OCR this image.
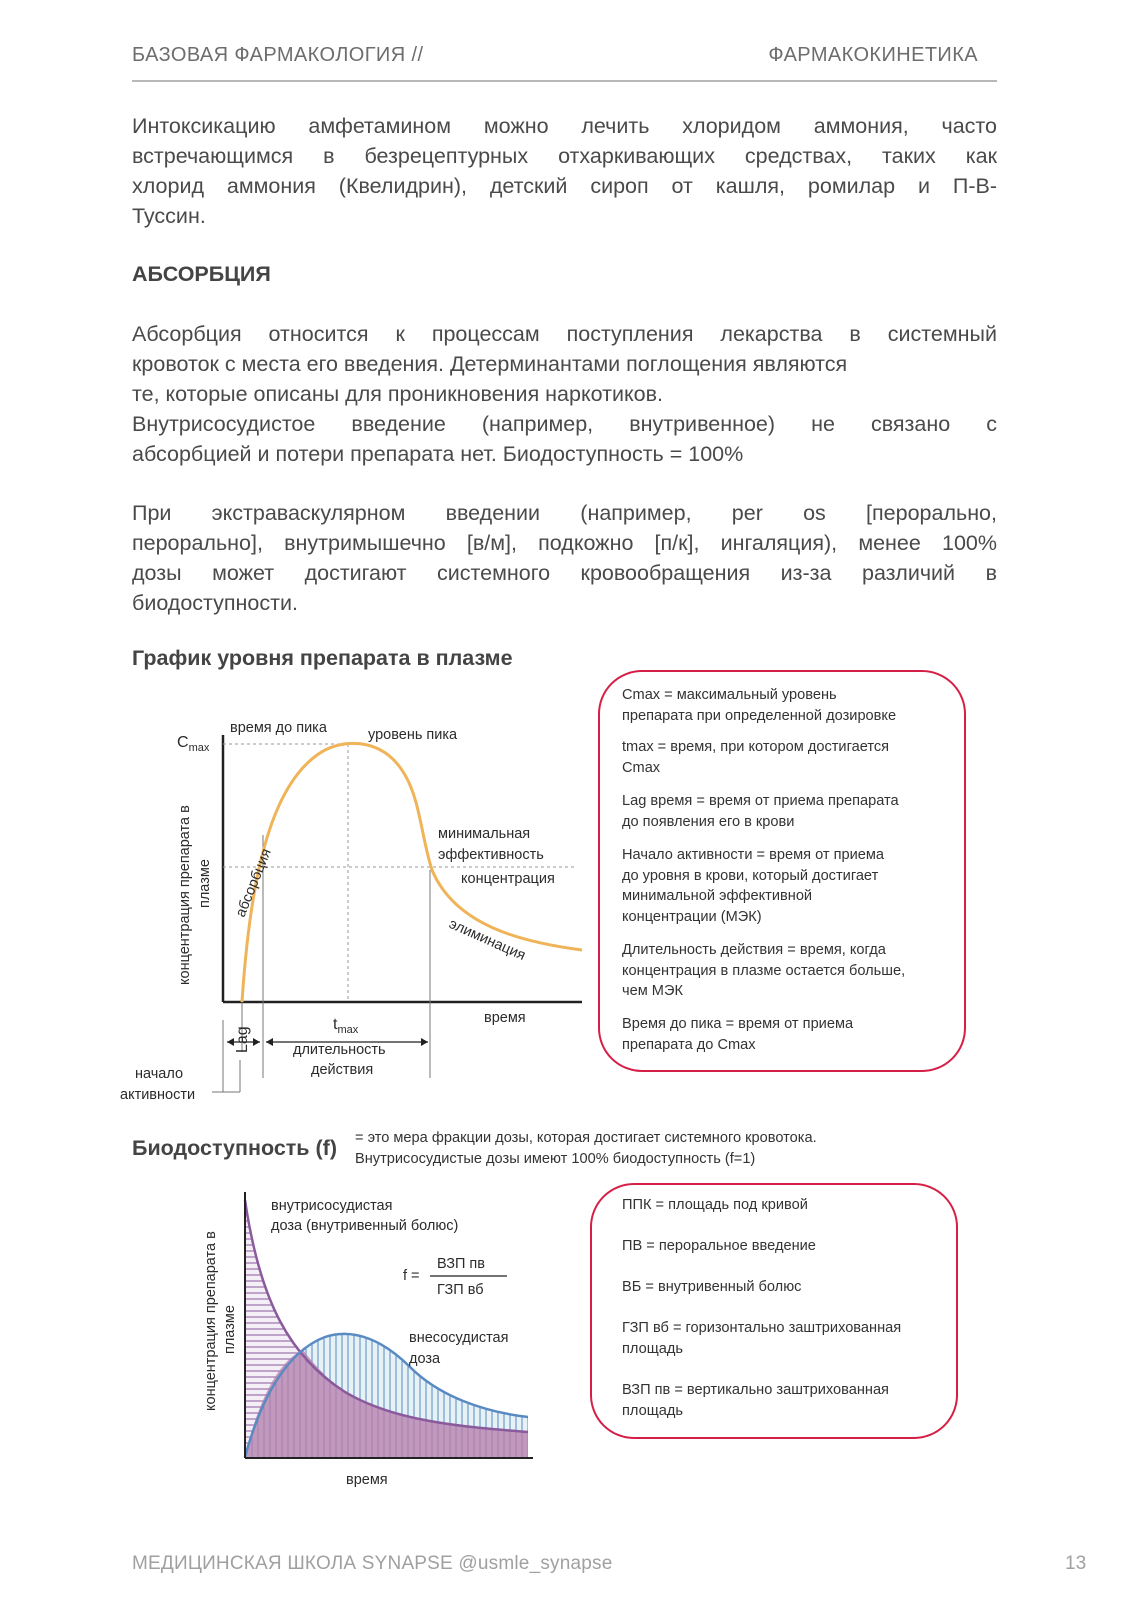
БАЗОВАЯ ФАРМАКОЛОГИЯ //	ФАРМАКОКИНЕТИКА
Интоксикацию амфетамином можно лечить хлоридом аммония, часто
встречающимся в безрецептурных отхаркивающих средствах, таких как
хлорид аммония (Квелидрин), детский сироп от кашля, ромилар и П-В-
Туссин.
АБСОРБЦИЯ
Абсорбция относится к процессам поступления лекарства в системный
кровоток с места его введения. Детерминантами поглощения являются
те, которые описаны для проникновения наркотиков.
Внутрисосудистое введение (например, внутривенное) не связано с
абсорбцией и потери препарата нет. Биодоступность = 100%
При экстраваскулярном введении (например, per os [перорально,
перорально], внутримышечно [в/м], подкожно [п/к], ингаляция), менее 100%
дозы может достигают системного кровообращения из-за различий в
биодоступности.
График уровня препарата в плазме
$C_{max}$
время до пика	уровень пика
абсорбция
минимальная
эффективность
концентрация
элиминация
$t_{max}$
время
Lag	длительность
действия
начало
активности
концентрация препарата в плазме
Cmax = максимальный уровень
препарата при определенной дозировке
tmax = время, при котором достигается
Cmax
Lag время = время от приема препарата
до появления его в крови
Начало активности = время от приема
до уровня в крови, который достигает
минимальной эффективной
концентрации (МЭК)
Длительность действия = время, когда
концентрация в плазме остается больше,
чем МЭК
Время до пика = время от приема
препарата до Cmax
Биодоступность (f) = это мера фракции дозы, которая достигает системного кровотока.
Внутрисосудистые дозы имеют 100% биодоступность (f=1)
внутрисосудистая
доза (внутривенный болюс)
f =
ВЗП пв
ГЗП вб
внесосудистая
доза
время
концентрация препарата в плазме
ППК = площадь под кривой
ПВ = пероральное введение
ВБ = внутривенный болюс
ГЗП вб = горизонтально заштрихованная
площадь
ВЗП пв = вертикально заштрихованная
площадь
МЕДИЦИНСКАЯ ШКОЛА SYNAPSE @usmle_synapse	13
